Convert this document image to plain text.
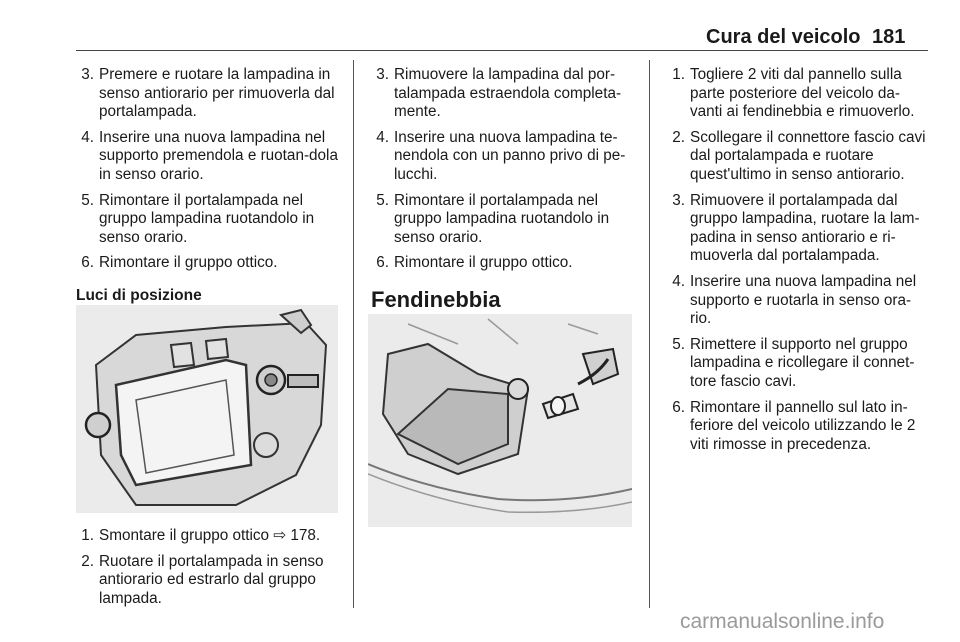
Cura del veicolo 181
3. Premere e ruotare la lampadina in senso antiorario per rimuoverla dal portalampada.
4. Inserire una nuova lampadina nel supporto premendola e ruotan-dola in senso orario.
5. Rimontare il portalampada nel gruppo lampadina ruotandolo in senso orario.
6. Rimontare il gruppo ottico.
Luci di posizione
1. Smontare il gruppo ottico ⇨ 178.
2. Ruotare il portalampada in senso antiorario ed estrarlo dal gruppo lampada.
3. Rimuovere la lampadina dal por-talampada estraendola completa-mente.
4. Inserire una nuova lampadina te-nendola con un panno privo di pe-lucchi.
5. Rimontare il portalampada nel gruppo lampadina ruotandolo in senso orario.
6. Rimontare il gruppo ottico.
Fendinebbia
1. Togliere 2 viti dal pannello sulla parte posteriore del veicolo da-vanti ai fendinebbia e rimuoverlo.
2. Scollegare il connettore fascio cavi dal portalampada e ruotare quest'ultimo in senso antiorario.
3. Rimuovere il portalampada dal gruppo lampadina, ruotare la lam-padina in senso antiorario e ri-muoverla dal portalampada.
4. Inserire una nuova lampadina nel supporto e ruotarla in senso ora-rio.
5. Rimettere il supporto nel gruppo lampadina e ricollegare il connet-tore fascio cavi.
6. Rimontare il pannello sul lato in-feriore del veicolo utilizzando le 2 viti rimosse in precedenza.
carmanualsonline.info
